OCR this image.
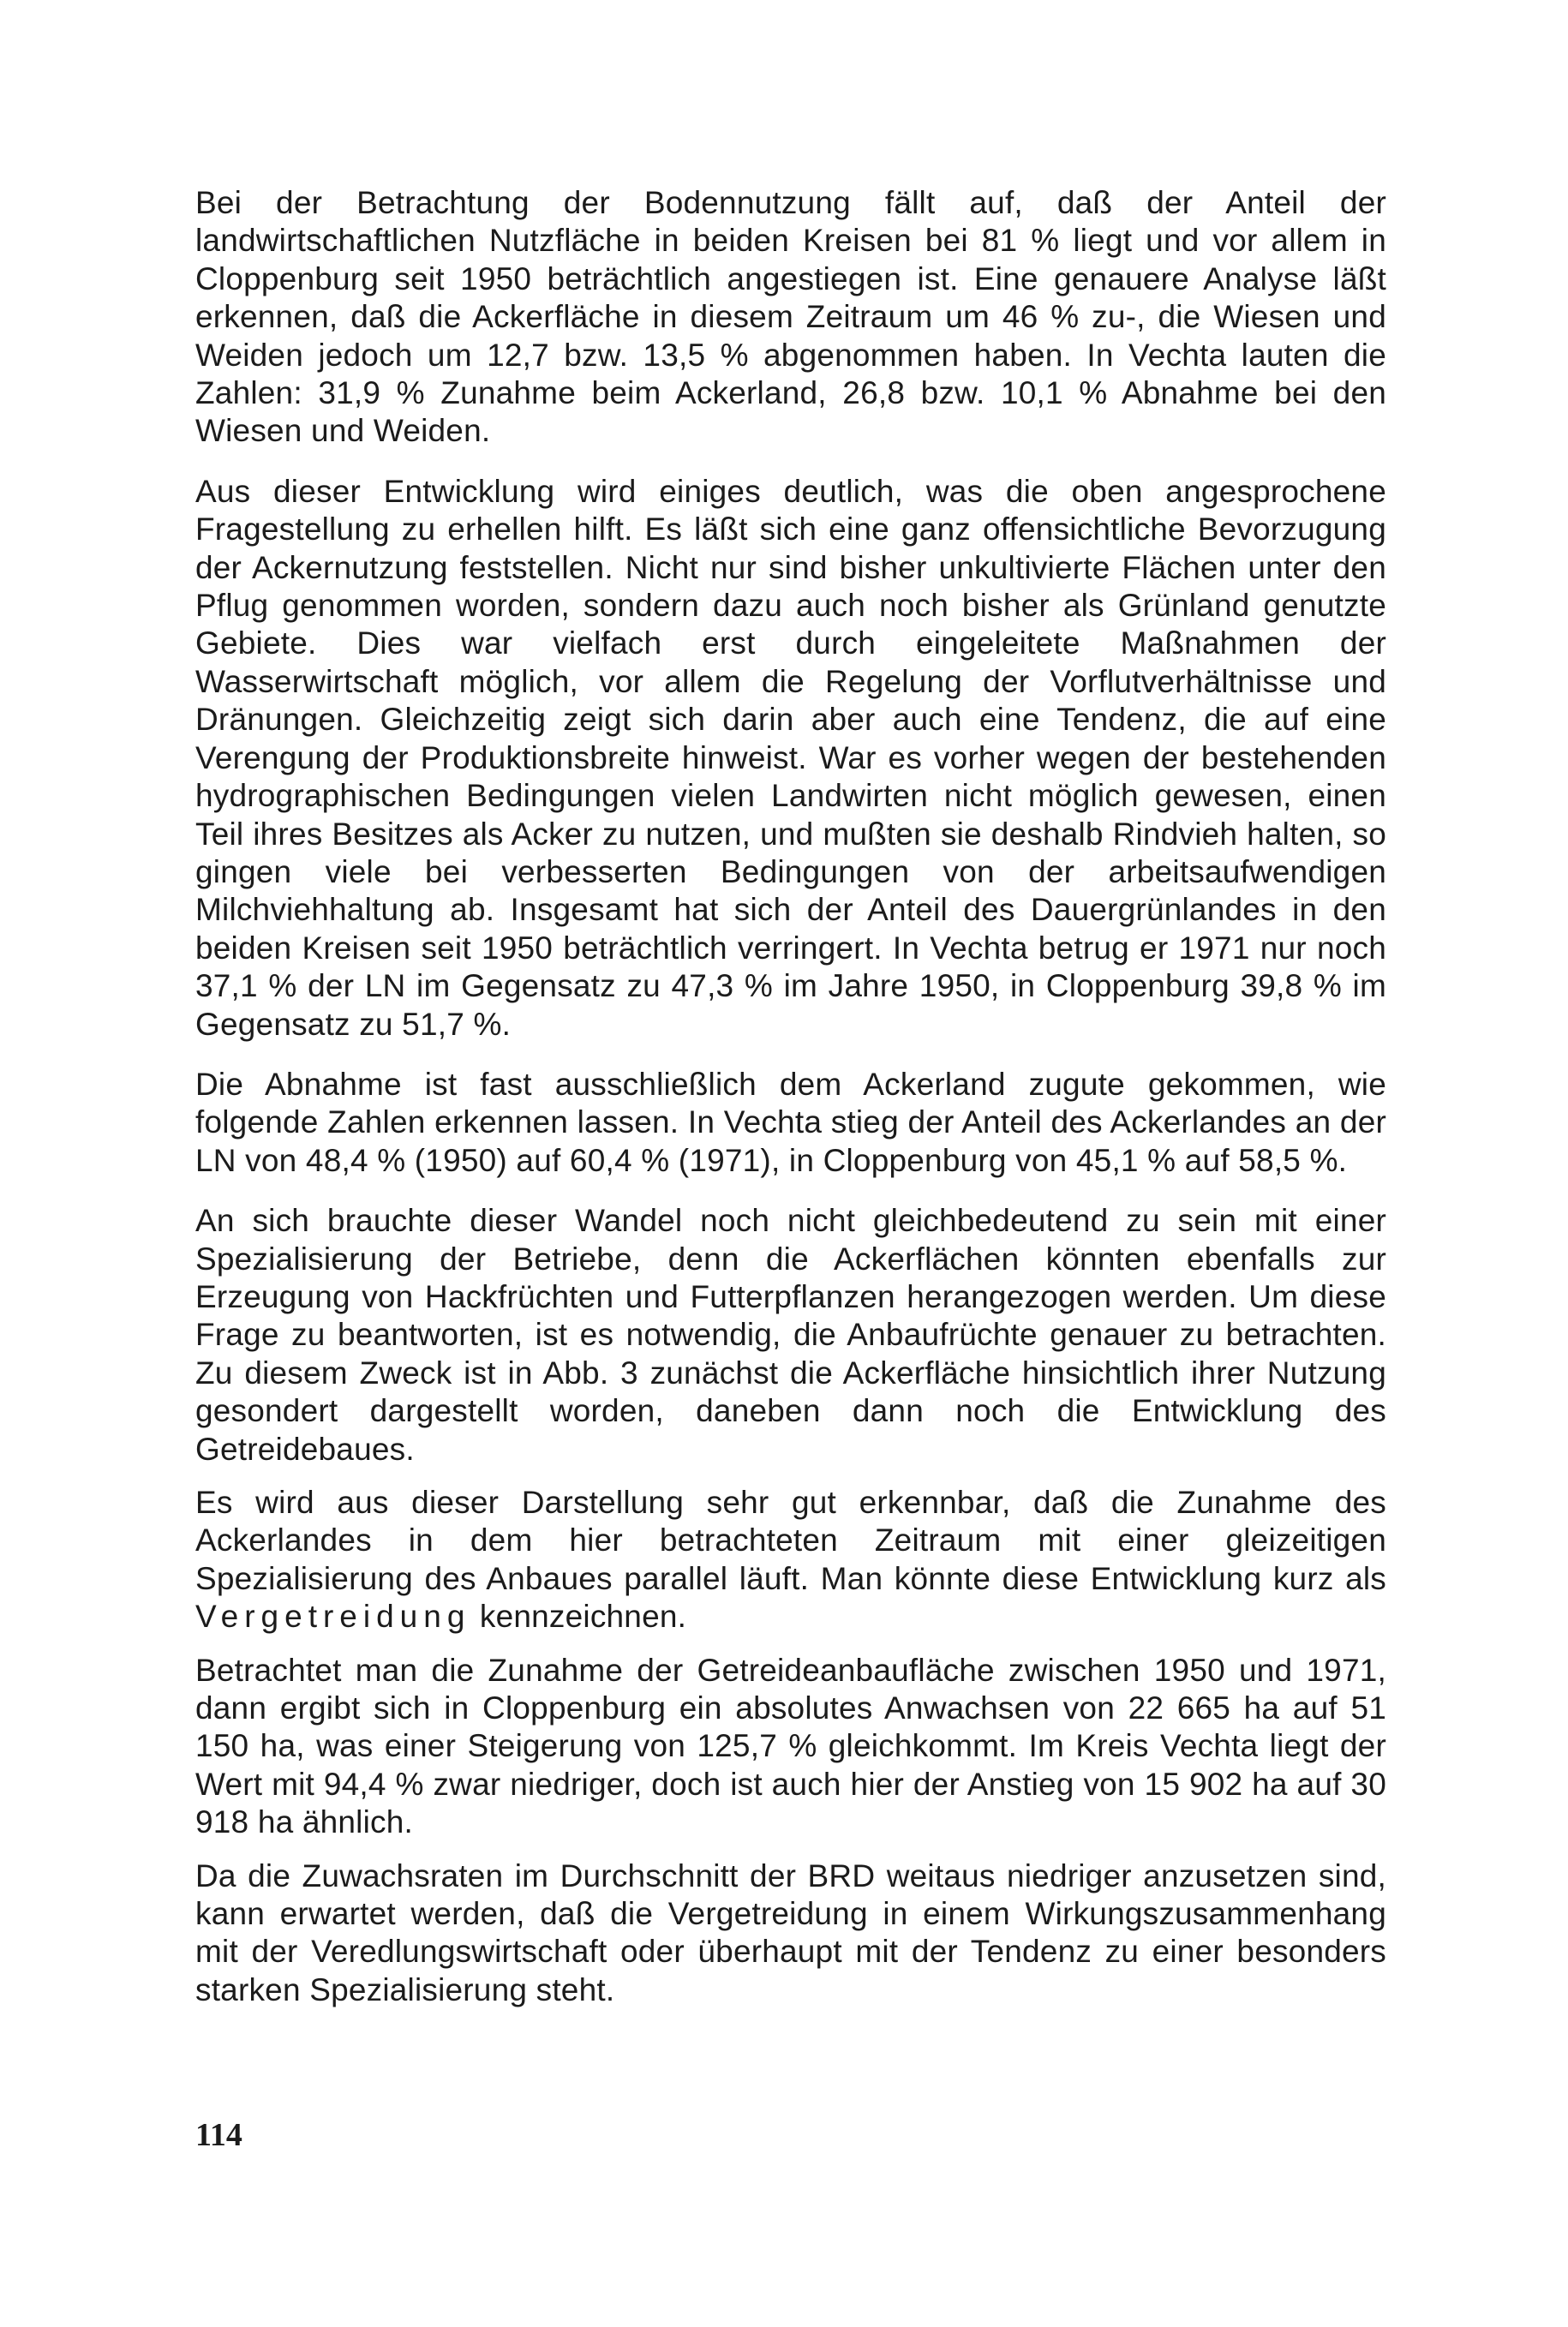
Bei der Betrachtung der Bodennutzung fällt auf, daß der Anteil der landwirtschaftlichen Nutzfläche in beiden Kreisen bei 81 % liegt und vor allem in Cloppenburg seit 1950 beträchtlich angestiegen ist. Eine genauere Analyse läßt erkennen, daß die Ackerfläche in diesem Zeitraum um 46 % zu-, die Wiesen und Weiden jedoch um 12,7 bzw. 13,5 % abgenommen haben. In Vechta lauten die Zahlen: 31,9 % Zunahme beim Ackerland, 26,8 bzw. 10,1 % Abnahme bei den Wiesen und Weiden.

Aus dieser Entwicklung wird einiges deutlich, was die oben angesprochene Fragestellung zu erhellen hilft. Es läßt sich eine ganz offensichtliche Bevorzugung der Ackernutzung feststellen. Nicht nur sind bisher unkultivierte Flächen unter den Pflug genommen worden, sondern dazu auch noch bisher als Grünland genutzte Gebiete. Dies war vielfach erst durch eingeleitete Maßnahmen der Wasserwirtschaft möglich, vor allem die Regelung der Vorflutverhältnisse und Dränungen. Gleichzeitig zeigt sich darin aber auch eine Tendenz, die auf eine Verengung der Produktionsbreite hinweist. War es vorher wegen der bestehenden hydrographischen Bedingungen vielen Landwirten nicht möglich gewesen, einen Teil ihres Besitzes als Acker zu nutzen, und mußten sie deshalb Rindvieh halten, so gingen viele bei verbesserten Bedingungen von der arbeitsaufwendigen Milchviehhaltung ab. Insgesamt hat sich der Anteil des Dauergrünlandes in den beiden Kreisen seit 1950 beträchtlich verringert. In Vechta betrug er 1971 nur noch 37,1 % der LN im Gegensatz zu 47,3 % im Jahre 1950, in Cloppenburg 39,8 % im Gegensatz zu 51,7 %.

Die Abnahme ist fast ausschließlich dem Ackerland zugute gekommen, wie folgende Zahlen erkennen lassen. In Vechta stieg der Anteil des Ackerlandes an der LN von 48,4 % (1950) auf 60,4 % (1971), in Cloppenburg von 45,1 % auf 58,5 %.

An sich brauchte dieser Wandel noch nicht gleichbedeutend zu sein mit einer Spezialisierung der Betriebe, denn die Ackerflächen könnten ebenfalls zur Erzeugung von Hackfrüchten und Futterpflanzen herangezogen werden. Um diese Frage zu beantworten, ist es notwendig, die Anbaufrüchte genauer zu betrachten. Zu diesem Zweck ist in Abb. 3 zunächst die Ackerfläche hinsichtlich ihrer Nutzung gesondert dargestellt worden, daneben dann noch die Entwicklung des Getreidebaues.

Es wird aus dieser Darstellung sehr gut erkennbar, daß die Zunahme des Ackerlandes in dem hier betrachteten Zeitraum mit einer gleizeitigen Spezialisierung des Anbaues parallel läuft. Man könnte diese Entwicklung kurz als Vergetreidung kennzeichnen.

Betrachtet man die Zunahme der Getreideanbaufläche zwischen 1950 und 1971, dann ergibt sich in Cloppenburg ein absolutes Anwachsen von 22 665 ha auf 51 150 ha, was einer Steigerung von 125,7 % gleichkommt. Im Kreis Vechta liegt der Wert mit 94,4 % zwar niedriger, doch ist auch hier der Anstieg von 15 902 ha auf 30 918 ha ähnlich.

Da die Zuwachsraten im Durchschnitt der BRD weitaus niedriger anzusetzen sind, kann erwartet werden, daß die Vergetreidung in einem Wirkungszusammenhang mit der Veredlungswirtschaft oder überhaupt mit der Tendenz zu einer besonders starken Spezialisierung steht.

114
